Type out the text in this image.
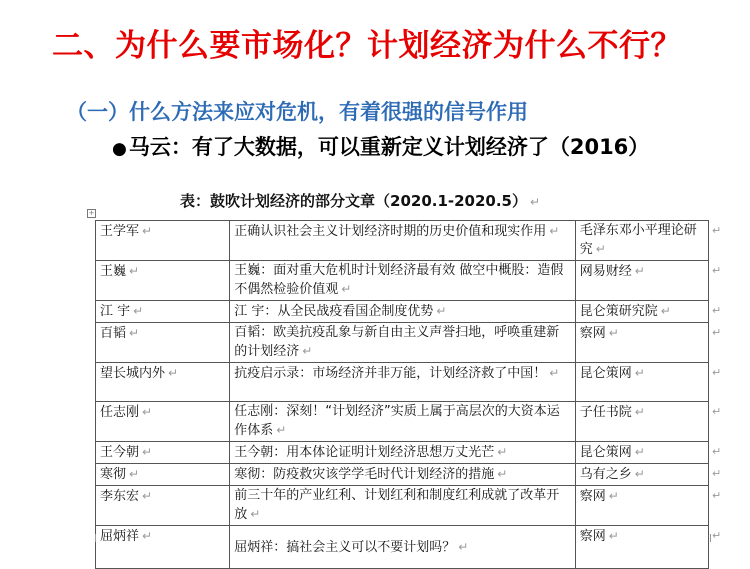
二、为什么要市场化？计划经济为什么不行？
（一）什么方法来应对危机，有着很强的信号作用
●马云：有了大数据，可以重新定义计划经济了（2016）
表：鼓吹计划经济的部分文章（2020.1-2020.5） ↵
+
王学军 ↵	正确认识社会主义计划经济时期的历史价值和现实作用 ↵	毛泽东邓小平理论研究 ↵
王巍 ↵	王巍：面对重大危机时计划经济最有效 做空中概股：造假不偶然检验价值观 ↵	网易财经 ↵
江 宇 ↵	江 宇：从全民战疫看国企制度优势 ↵	昆仑策研究院 ↵
百韬 ↵	百韬：欧美抗疫乱象与新自由主义声誉扫地，呼唤重建新的计划经济 ↵	察网 ↵
望长城内外 ↵	抗疫启示录：市场经济并非万能，计划经济救了中国！ ↵	昆仑策网 ↵
任志刚 ↵	任志刚：深刻！“计划经济”实质上属于高层次的大资本运作体系 ↵	子任书院 ↵
王今朝 ↵	王今朝：用本体论证明计划经济思想万丈光芒 ↵	昆仑策网 ↵
寒彻 ↵	寒彻：防疫救灾该学学毛时代计划经济的措施 ↵	乌有之乡 ↵
李东宏 ↵	前三十年的产业红利、计划红利和制度红利成就了改革开放 ↵	察网 ↵
屈炳祥 ↵	屈炳祥：搞社会主义可以不要计划吗？ ↵	察网 ↵
↵
↵
↵
↵
↵
↵
↵
↵
↵
↵
